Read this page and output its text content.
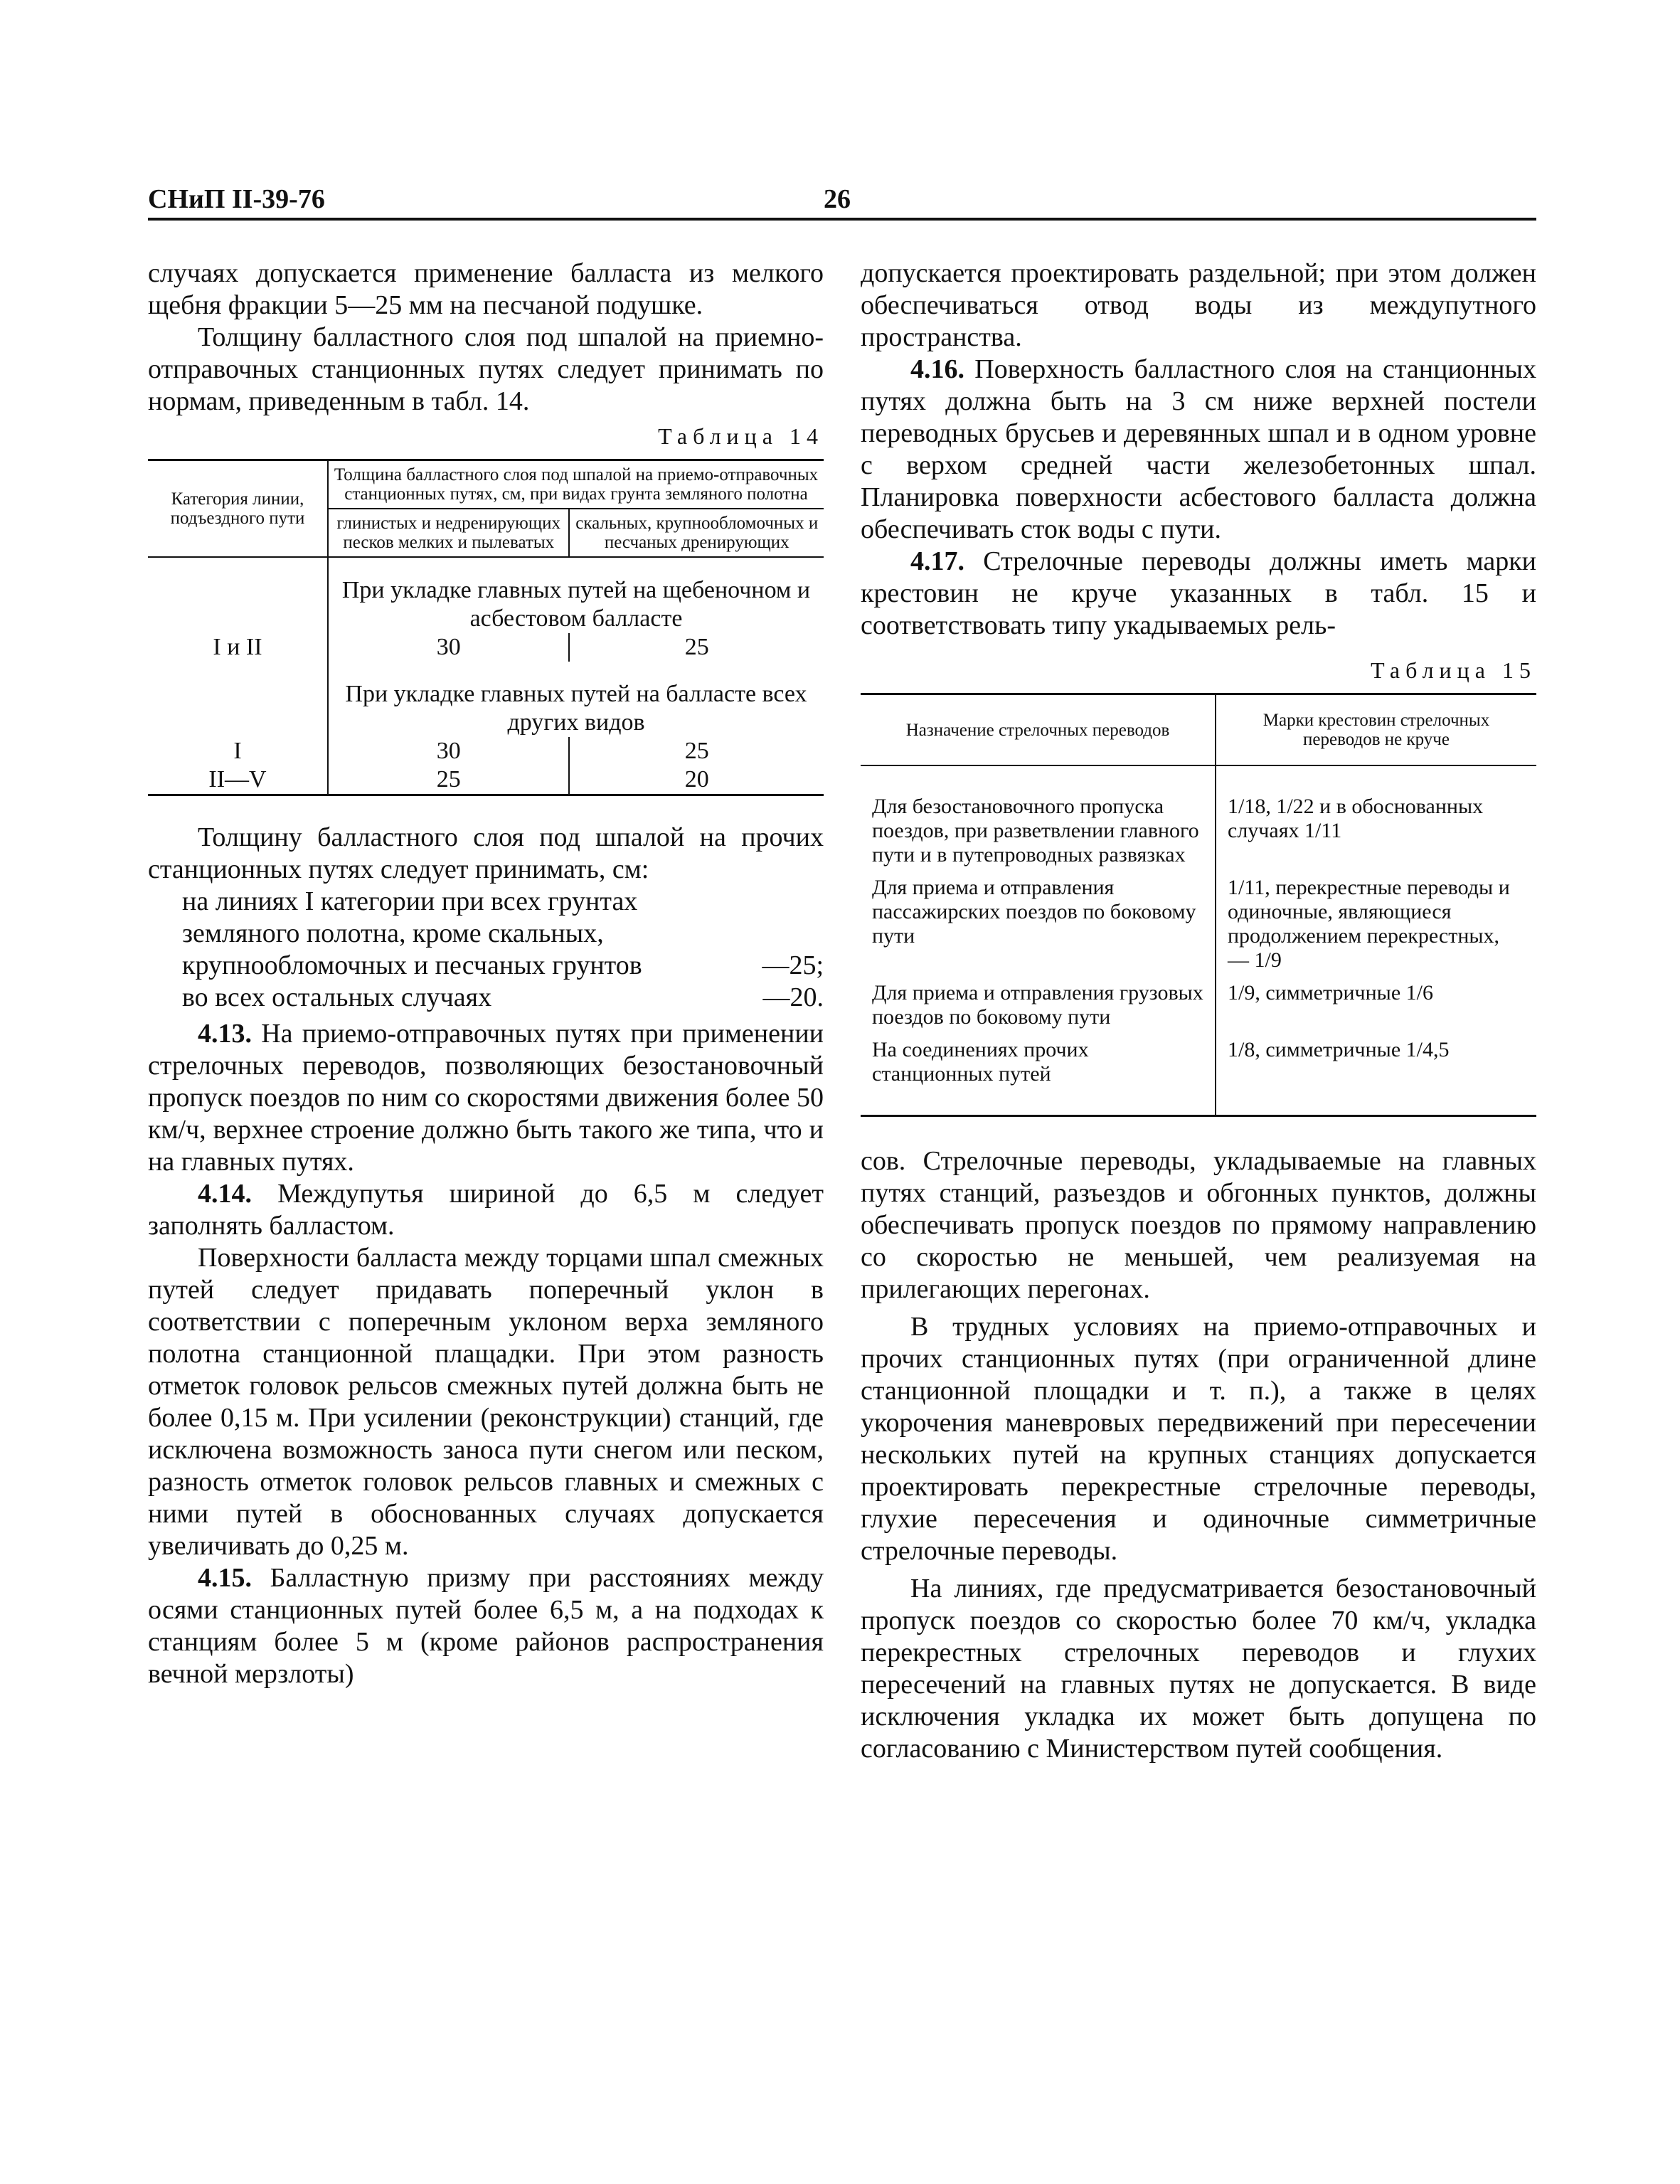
СНиП II-39-76	26

случаях допускается применение балласта из мелкого щебня фракции 5—25 мм на песчаной подушке.

Толщину балластного слоя под шпалой на приемно-отправочных станционных путях следует принимать по нормам, приведенным в табл. 14.

Таблица 14
Категория линии, подъездного пути	Толщина балластного слоя под шпалой на приемо-отправочных станционных путях, см, при видах грунта земляного полотна	
	глинистых и недренирующих песков мелких и пылеватых	скальных, крупнообломочных и песчаных дренирующих
	При укладке главных путей на щебеночном и асбестовом балласте	
I и II	30	25
	При укладке главных путей на балласте всех других видов	
I	30	25
II—V	25	20

Толщину балластного слоя под шпалой на прочих станционных путях следует принимать, см:

на линиях I категории при всех грунтах
земляного полотна, кроме скальных,
крупнообломочных и песчаных грунтов	—25;
во всех остальных случаях	—20.

4.13. На приемо-отправочных путях при применении стрелочных переводов, позволяющих безостановочный пропуск поездов по ним со скоростями движения более 50 км/ч, верхнее строение должно быть такого же типа, что и на главных путях.

4.14. Междупутья шириной до 6,5 м следует заполнять балластом.

Поверхности балласта между торцами шпал смежных путей следует придавать поперечный уклон в соответствии с поперечным уклоном верха земляного полотна станционной плащадки. При этом разность отметок головок рельсов смежных путей должна быть не более 0,15 м. При усилении (реконструкции) станций, где исключена возможность заноса пути снегом или песком, разность отметок головок рельсов главных и смежных с ними путей в обоснованных случаях допускается увеличивать до 0,25 м.

4.15. Балластную призму при расстояниях между осями станционных путей более 6,5 м, а на подходах к станциям более 5 м (кроме районов распространения вечной мерзлоты)

допускается проектировать раздельной; при этом должен обеспечиваться отвод воды из междупутного пространства.

4.16. Поверхность балластного слоя на станционных путях должна быть на 3 см ниже верхней постели переводных брусьев и деревянных шпал и в одном уровне с верхом средней части железобетонных шпал. Планировка поверхности асбестового балласта должна обеспечивать сток воды с пути.

4.17. Стрелочные переводы должны иметь марки крестовин не круче указанных в табл. 15 и соответствовать типу укадываемых рель-

Таблица 15
Назначение стрелочных переводов	Марки крестовин стрелочных переводов не круче
Для безостановочного пропуска поездов, при разветвлении главного пути и в путепроводных развязках	1/18, 1/22 и в обоснованных случаях 1/11
Для приема и отправления пассажирских поездов по боковому пути	1/11, перекрестные переводы и одиночные, являющиеся продолжением перекрестных, — 1/9
Для приема и отправления грузовых поездов по боковому пути	1/9, симметричные 1/6
На соединениях прочих станционных путей	1/8, симметричные 1/4,5

сов. Стрелочные переводы, укладываемые на главных путях станций, разъездов и обгонных пунктов, должны обеспечивать пропуск поездов по прямому направлению со скоростью не меньшей, чем реализуемая на прилегающих перегонах.

В трудных условиях на приемо-отправочных и прочих станционных путях (при ограниченной длине станционной площадки и т. п.), а также в целях укорочения маневровых передвижений при пересечении нескольких путей на крупных станциях допускается проектировать перекрестные стрелочные переводы, глухие пересечения и одиночные симметричные стрелочные переводы.

На линиях, где предусматривается безостановочный пропуск поездов со скоростью более 70 км/ч, укладка перекрестных стрелочных переводов и глухих пересечений на главных путях не допускается. В виде исключения укладка их может быть допущена по согласованию с Министерством путей сообщения.
